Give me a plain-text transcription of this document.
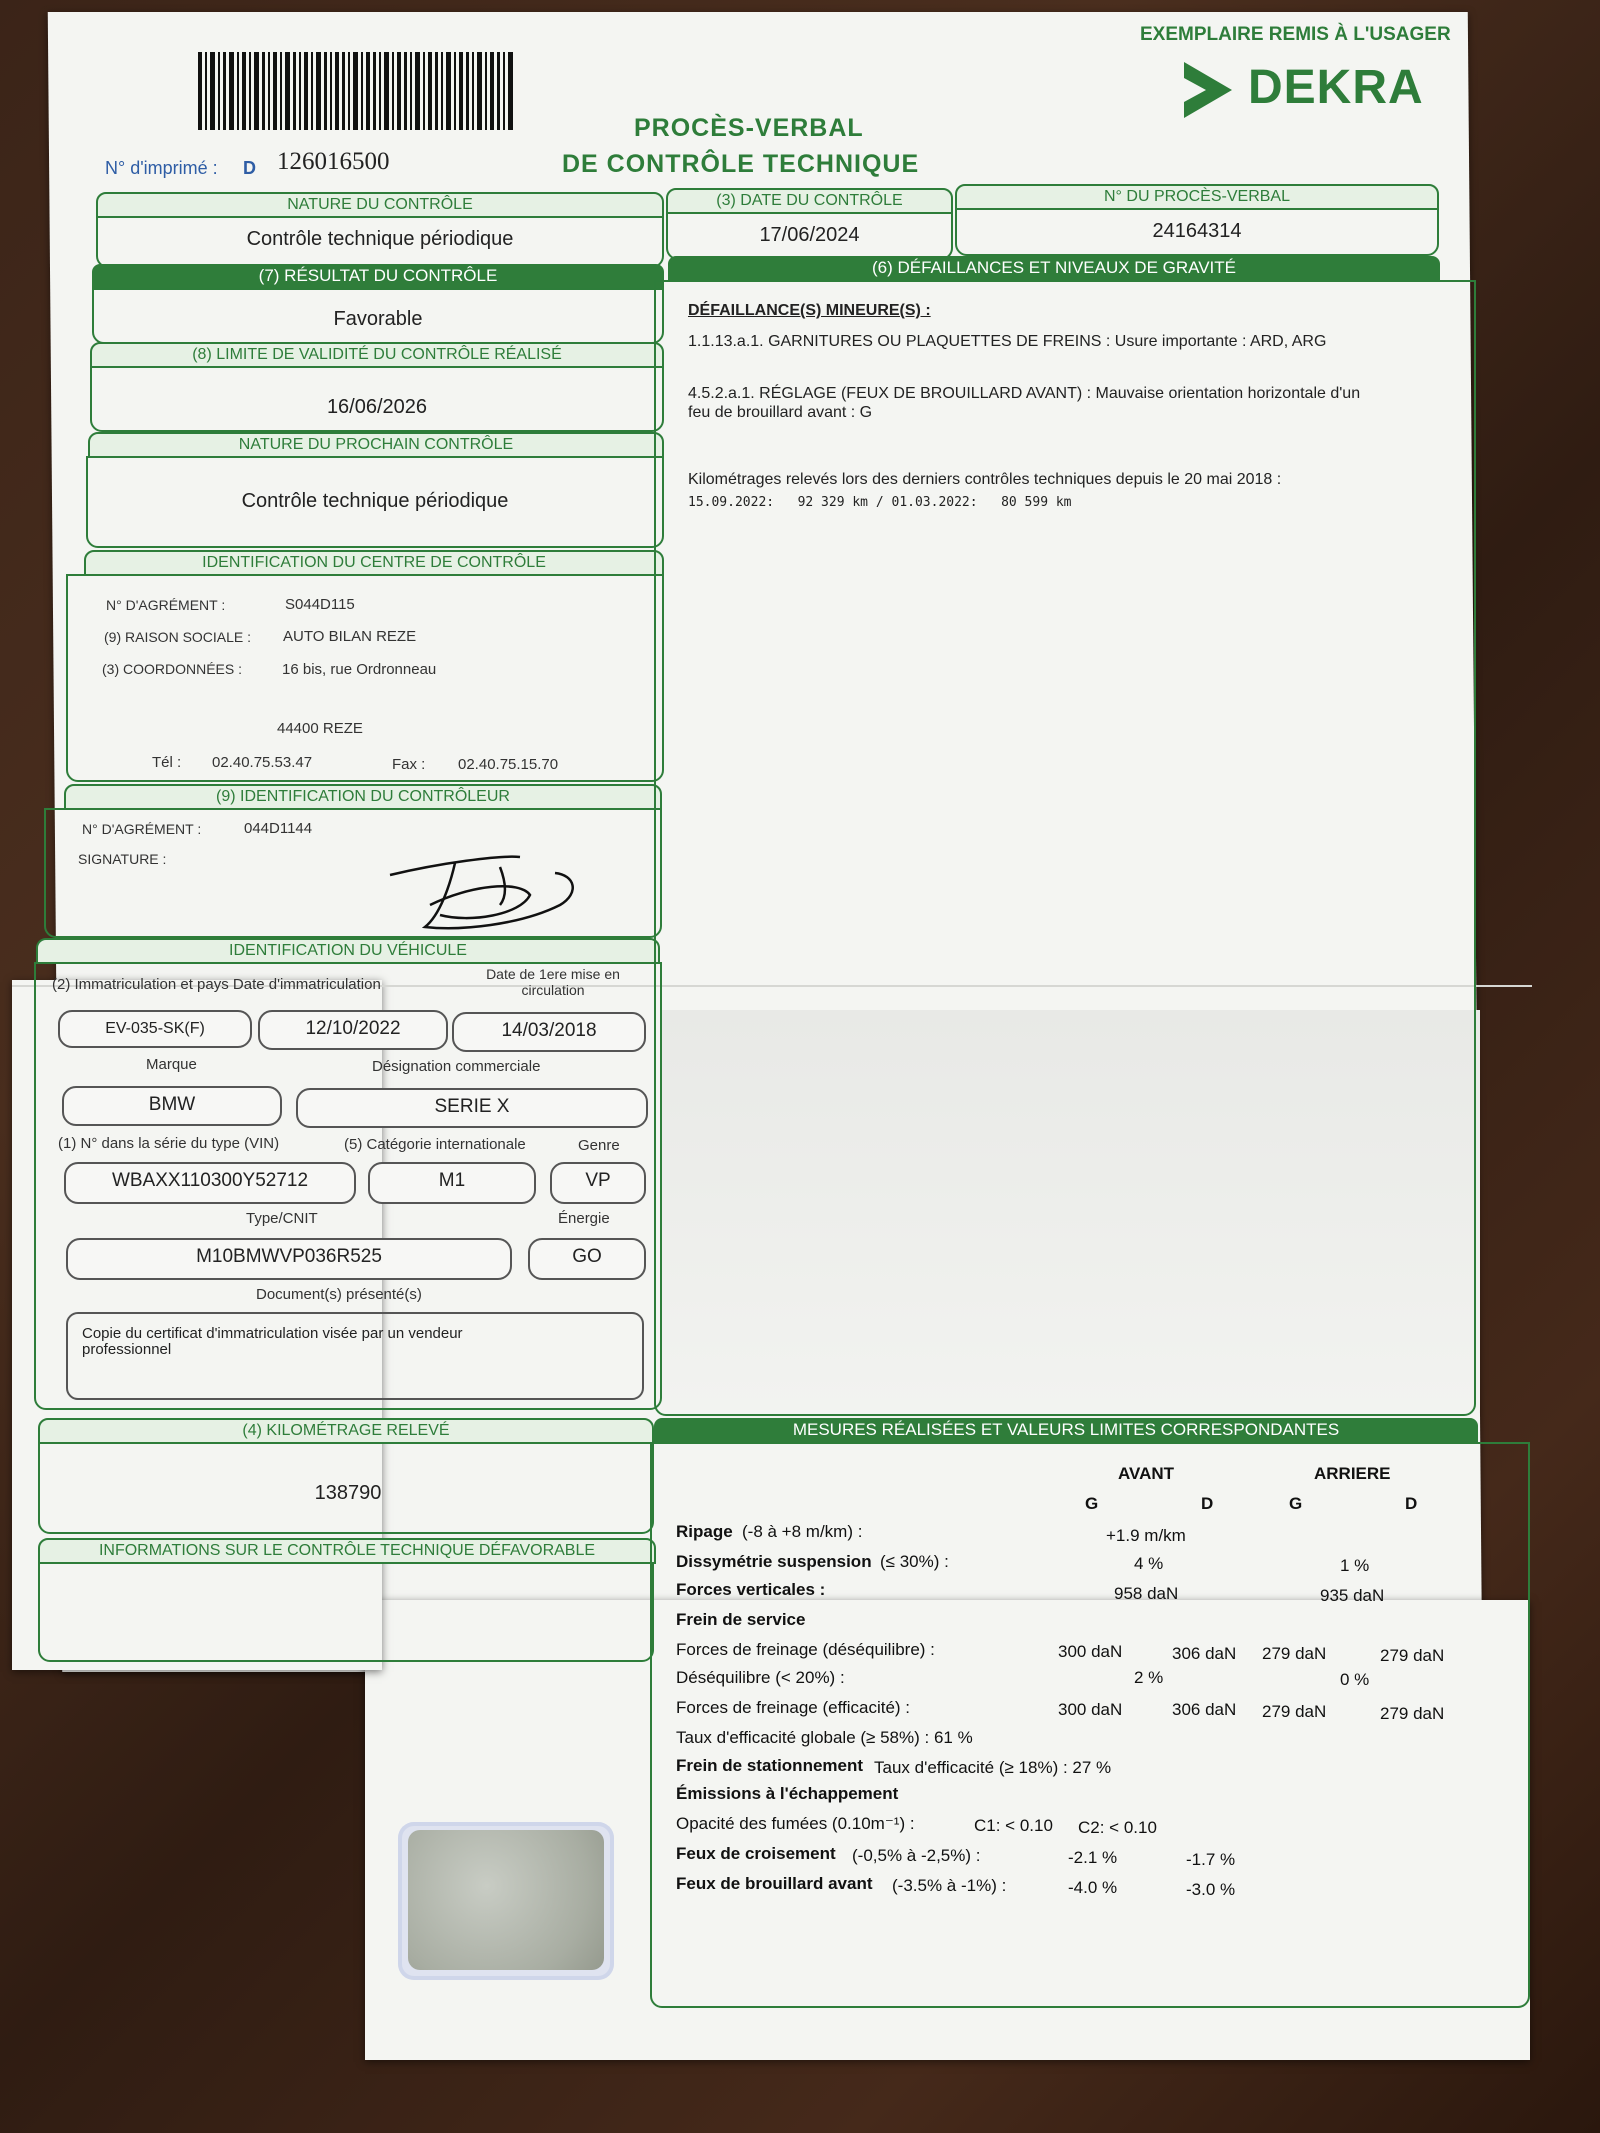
EXEMPLAIRE REMIS À L'USAGER
DEKRA
PROCÈS-VERBAL
DE CONTRÔLE TECHNIQUE
N° d'imprimé : D 126016500
NATURE DU CONTRÔLE
Contrôle technique périodique
(3) DATE DU CONTRÔLE
17/06/2024
N° DU PROCÈS-VERBAL
24164314
(7) RÉSULTAT DU CONTRÔLE
Favorable
(8) LIMITE DE VALIDITÉ DU CONTRÔLE RÉALISÉ
16/06/2026
NATURE DU PROCHAIN CONTRÔLE
Contrôle technique périodique
IDENTIFICATION DU CENTRE DE CONTRÔLE
N° D'AGRÉMENT :	S044D115
(9) RAISON SOCIALE : AUTO BILAN REZE
(3) COORDONNÉES :	16 bis, rue Ordronneau
44400 REZE
Tél : 02.40.75.53.47	Fax : 02.40.75.15.70
(9) IDENTIFICATION DU CONTRÔLEUR
N° D'AGRÉMENT :	044D1144
SIGNATURE :
IDENTIFICATION DU VÉHICULE
(2) Immatriculation et pays Date d'immatriculation
Date de 1ere mise en circulation
EV-035-SK(F)	12/10/2022	14/03/2018
Marque	Désignation commerciale
BMW	SERIE X
(1) N° dans la série du type (VIN)	(5) Catégorie internationale	Genre
WBAXX110300Y52712	M1	VP
Type/CNIT	Énergie
M10BMWVP036R525	GO
Document(s) présenté(s)
Copie du certificat d'immatriculation visée par un vendeur professionnel
(4) KILOMÉTRAGE RELEVÉ
138790
INFORMATIONS SUR LE CONTRÔLE TECHNIQUE DÉFAVORABLE
(6) DÉFAILLANCES ET NIVEAUX DE GRAVITÉ
DÉFAILLANCE(S) MINEURE(S) :
1.1.13.a.1. GARNITURES OU PLAQUETTES DE FREINS : Usure importante : ARD, ARG
4.5.2.a.1. RÉGLAGE (FEUX DE BROUILLARD AVANT) : Mauvaise orientation horizontale d'un feu de brouillard avant : G
Kilométrages relevés lors des derniers contrôles techniques depuis le 20 mai 2018 :
15.09.2022:   92 329 km / 01.03.2022:   80 599 km
MESURES RÉALISÉES ET VALEURS LIMITES CORRESPONDANTES
AVANT	ARRIERE
G	D	G	D
Ripage (-8 à +8 m/km) :	+1.9 m/km
Dissymétrie suspension (≤ 30%) :	4 %	1 %
Forces verticales :	958 daN	935 daN
Frein de service
Forces de freinage (déséquilibre) :	300 daN	306 daN 279 daN	279 daN
Déséquilibre (< 20%) :	2 %	0 %
Forces de freinage (efficacité) :	300 daN	306 daN 279 daN	279 daN
Taux d'efficacité globale (≥ 58%) : 61 %
Frein de stationnement Taux d'efficacité (≥ 18%) : 27 %
Émissions à l'échappement
Opacité des fumées (0.10m⁻¹) :	C1: < 0.10 C2: < 0.10
Feux de croisement (-0,5% à -2,5%) :	-2.1 %	-1.7 %
Feux de brouillard avant (-3.5% à -1%) :	-4.0 %	-3.0 %
